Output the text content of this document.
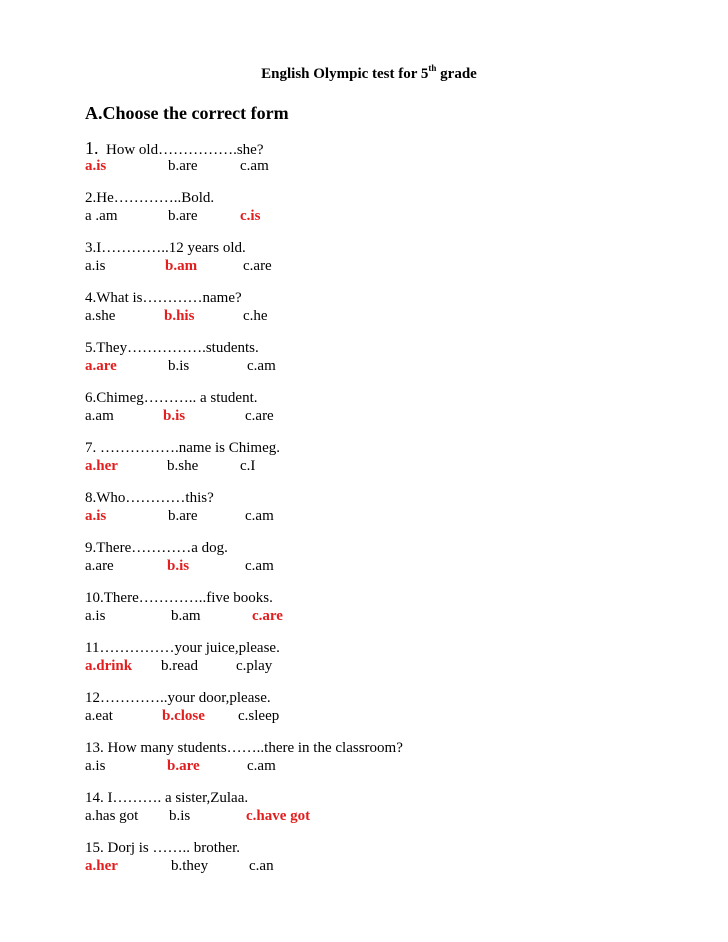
English Olympic test for 5th grade
A.Choose the correct form
1. How old…………….she?
a.is	b.are	c.am
2.He…………..Bold.
a .am	b.are	c.is
3.I…………..12 years old.
a.is	b.am	c.are
4.What is…………name?
a.she	b.his	c.he
5.They…………….students.
a.are	b.is	c.am
6.Chimeg……….. a student.
a.am	b.is	c.are
7. …………….name is Chimeg.
a.her	b.she	c.I
8.Who…………this?
a.is	b.are	c.am
9.There…………a dog.
a.are	b.is	c.am
10.There…………..five books.
a.is	b.am	c.are
11……………your juice,please.
a.drink b.read	c.play
12…………..your door,please.
a.eat	b.close c.sleep
13. How many students……..there in the classroom?
a.is	b.are	c.am
14. I………. a sister,Zulaa.
a.has got b.is	c.have got
15. Dorj is …….. brother.
a.her	b.they	c.an
